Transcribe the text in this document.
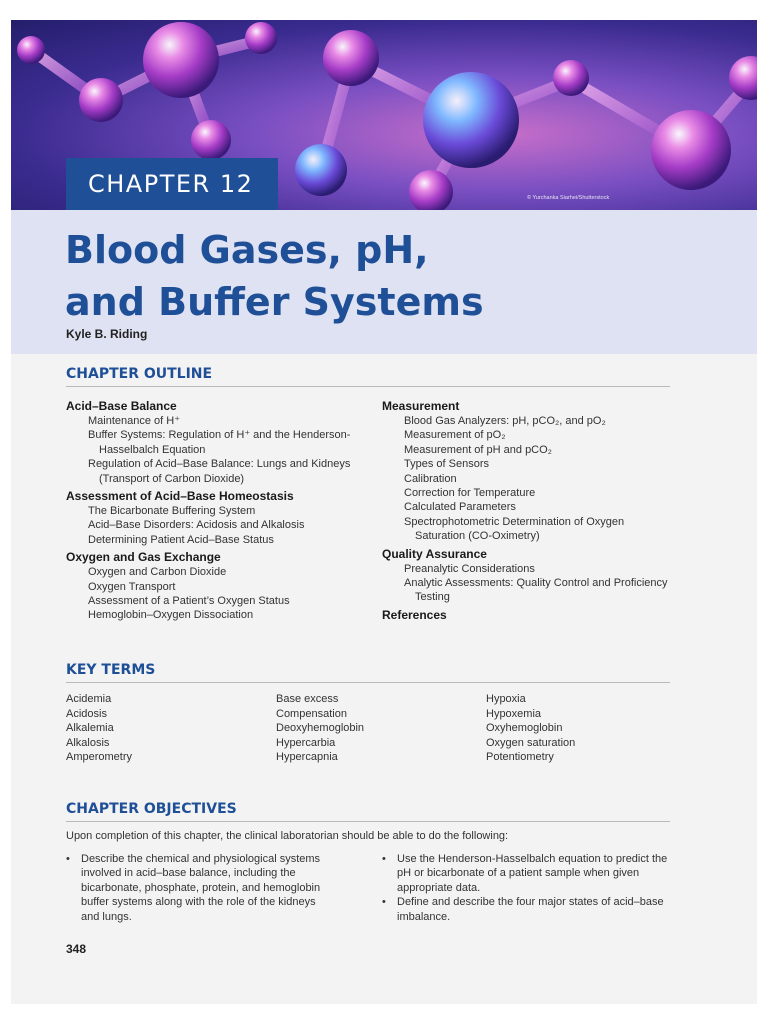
CHAPTER 12	© Yurchanka Siarhei/Shutterstock
Blood Gases, pH,
and Buffer Systems
Kyle B. Riding
CHAPTER OUTLINE
Acid–Base Balance
Maintenance of H⁺
Buffer Systems: Regulation of H⁺ and the Henderson-Hasselbalch Equation
Regulation of Acid–Base Balance: Lungs and Kidneys (Transport of Carbon Dioxide)
Assessment of Acid–Base Homeostasis
The Bicarbonate Buffering System
Acid–Base Disorders: Acidosis and Alkalosis
Determining Patient Acid–Base Status
Oxygen and Gas Exchange
Oxygen and Carbon Dioxide
Oxygen Transport
Assessment of a Patient’s Oxygen Status
Hemoglobin–Oxygen Dissociation
Measurement
Blood Gas Analyzers: pH, pCO₂, and pO₂
Measurement of pO₂
Measurement of pH and pCO₂
Types of Sensors
Calibration
Correction for Temperature
Calculated Parameters
Spectrophotometric Determination of Oxygen Saturation (CO-Oximetry)
Quality Assurance
Preanalytic Considerations
Analytic Assessments: Quality Control and Proficiency Testing
References
KEY TERMS
Acidemia
Acidosis
Alkalemia
Alkalosis
Amperometry
Base excess
Compensation
Deoxyhemoglobin
Hypercarbia
Hypercapnia
Hypoxia
Hypoxemia
Oxyhemoglobin
Oxygen saturation
Potentiometry
CHAPTER OBJECTIVES
Upon completion of this chapter, the clinical laboratorian should be able to do the following:
• Describe the chemical and physiological systems involved in acid–base balance, including the bicarbonate, phosphate, protein, and hemoglobin buffer systems along with the role of the kidneys and lungs.
• Use the Henderson-Hasselbalch equation to predict the pH or bicarbonate of a patient sample when given appropriate data.
• Define and describe the four major states of acid–base imbalance.
348
